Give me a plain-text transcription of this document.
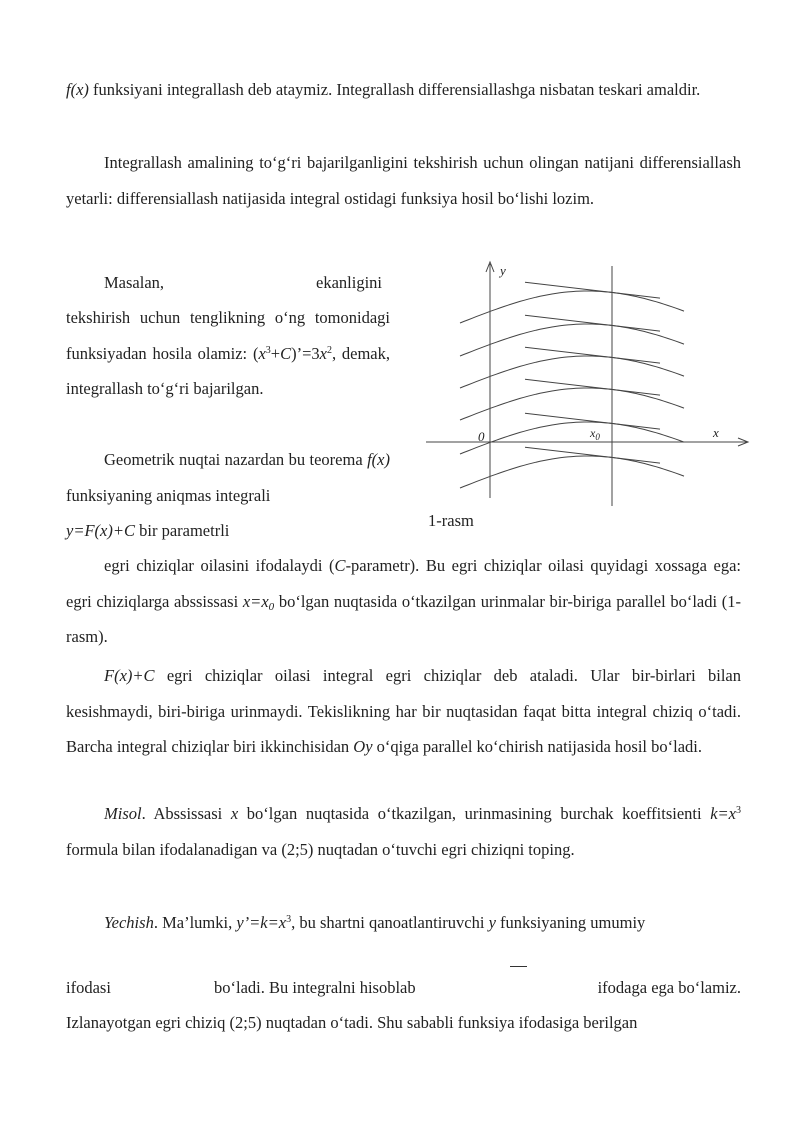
f(x) funksiyani integrallash deb ataymiz. Integrallash differensiallashga nisbatan teskari amaldir.

Integrallash amalining to‘g‘ri bajarilganligini tekshirish uchun olingan natijani differensiallash yetarli: differensiallash natijasida integral ostidagi funksiya hosil bo‘lishi lozim.

Masalan,	ekanligini

tekshirish uchun tenglikning o‘ng tomonidagi funksiyadan hosila olamiz: $(x^3+C)’=3x^2$, demak, integrallash to‘g‘ri bajarilgan.

Geometrik nuqtai nazardan bu teorema f(x) funksiyaning aniqmas integrali
y=F(x)+C bir parametrli

y
x
0	$x_0$
1-rasm

egri chiziqlar oilasini ifodalaydi (C-parametr). Bu egri chiziqlar oilasi quyidagi xossaga ega: egri chiziqlarga abssissasi $x=x_0$ bo‘lgan nuqtasida o‘tkazilgan urinmalar bir-biriga parallel bo‘ladi (1-rasm).

F(x)+C egri chiziqlar oilasi integral egri chiziqlar deb ataladi. Ular bir-birlari bilan kesishmaydi, biri-biriga urinmaydi. Tekislikning har bir nuqtasidan faqat bitta integral chiziq o‘tadi. Barcha integral chiziqlar biri ikkinchisidan Oy o‘qiga parallel ko‘chirish natijasida hosil bo‘ladi.

Misol. Abssissasi x bo‘lgan nuqtasida o‘tkazilgan, urinmasining burchak koeffitsienti $k=x^3$ formula bilan ifodalanadigan va (2;5) nuqtadan o‘tuvchi egri chiziqni toping.

Yechish. Ma’lumki, $y’=k=x^3$, bu shartni qanoatlantiruvchi y funksiyaning umumiy

ifodasi	bo‘ladi. Bu integralni hisoblab	ifodaga ega bo‘lamiz.

Izlanayotgan egri chiziq (2;5) nuqtadan o‘tadi. Shu sababli funksiya ifodasiga berilgan
